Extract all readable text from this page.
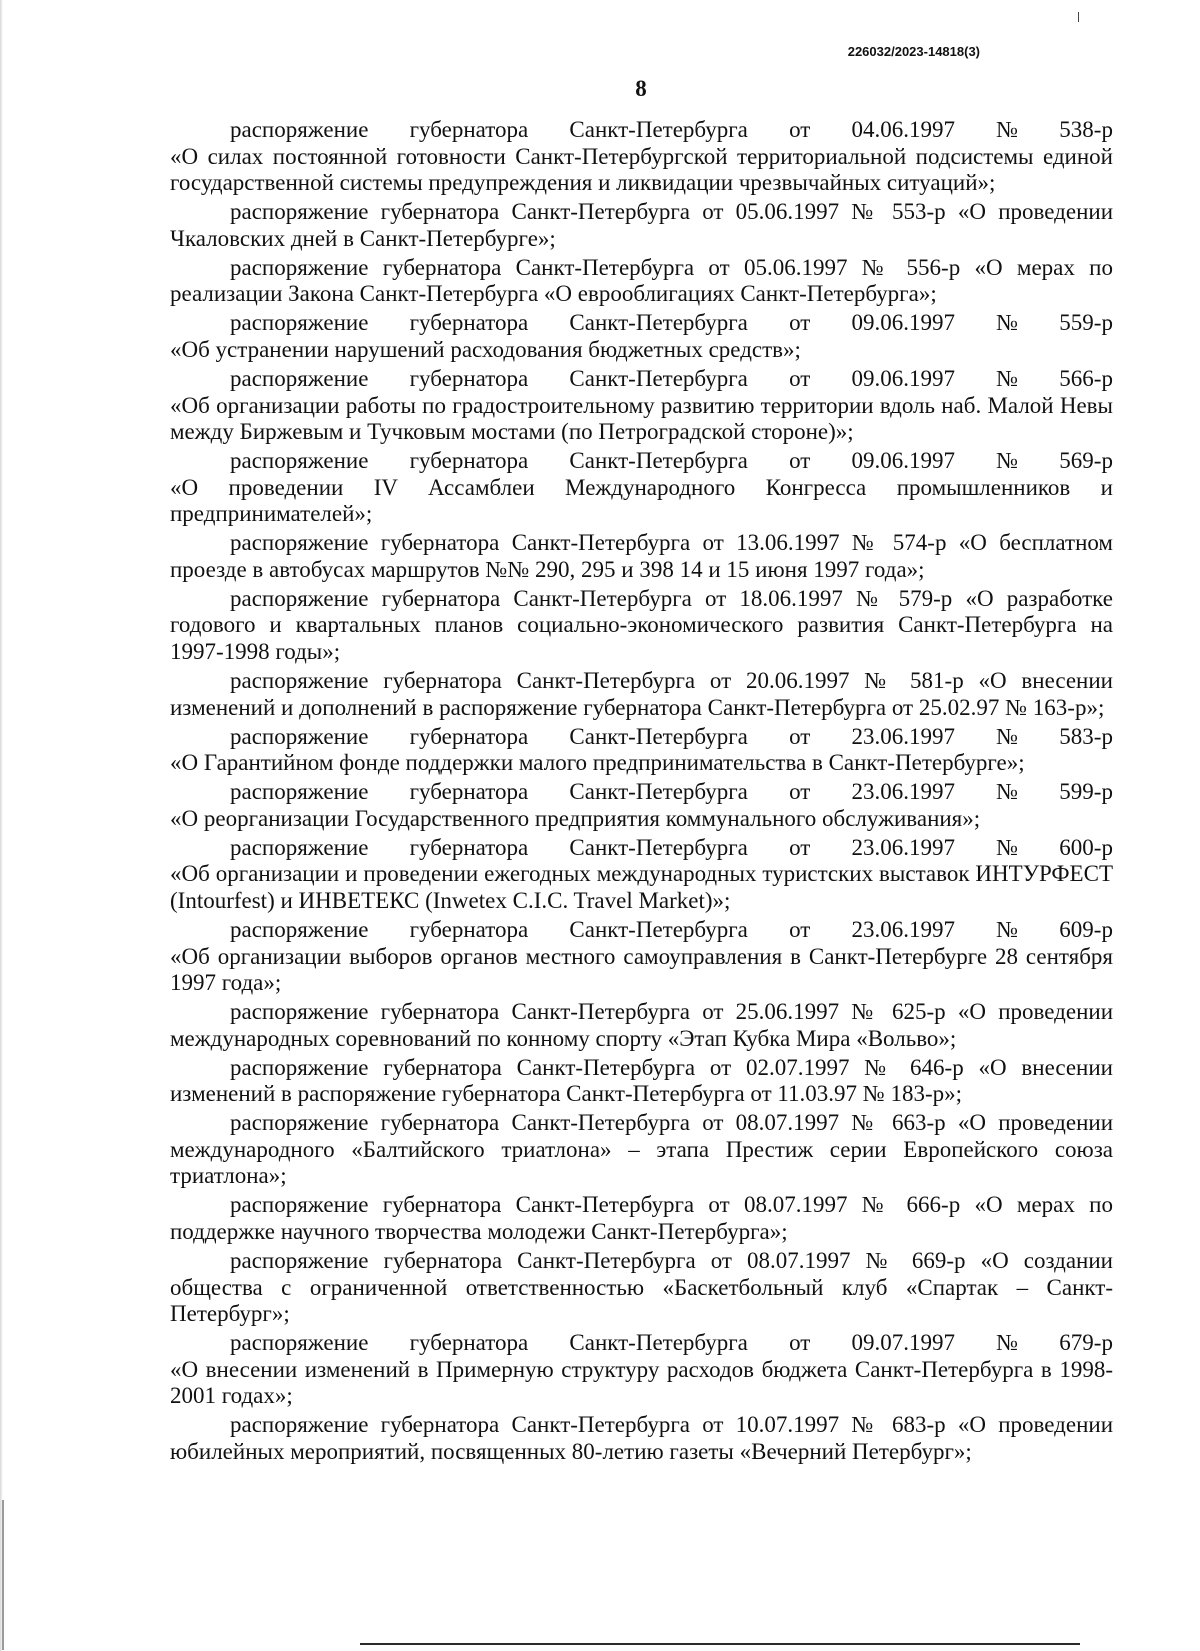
226032/2023-14818(3)
8
распоряжение губернатора Санкт-Петербурга от 04.06.1997 № 538-р

«О силах постоянной готовности Санкт-Петербургской территориальной подсистемы единой государственной системы предупреждения и ликвидации чрезвычайных ситуаций»;

распоряжение губернатора Санкт-Петербурга от 05.06.1997 № 553-р «О проведении Чкаловских дней в Санкт-Петербурге»;

распоряжение губернатора Санкт-Петербурга от 05.06.1997 № 556-р «О мерах по реализации Закона Санкт-Петербурга «О еврооблигациях Санкт-Петербурга»;

распоряжение губернатора Санкт-Петербурга от 09.06.1997 № 559-р

«Об устранении нарушений расходования бюджетных средств»;

распоряжение губернатора Санкт-Петербурга от 09.06.1997 № 566-р

«Об организации работы по градостроительному развитию территории вдоль наб. Малой Невы между Биржевым и Тучковым мостами (по Петроградской стороне)»;

распоряжение губернатора Санкт-Петербурга от 09.06.1997 № 569-р

«О проведении IV Ассамблеи Международного Конгресса промышленников и предпринимателей»;

распоряжение губернатора Санкт-Петербурга от 13.06.1997 № 574-р «О бесплатном проезде в автобусах маршрутов №№ 290, 295 и 398 14 и 15 июня 1997 года»;

распоряжение губернатора Санкт-Петербурга от 18.06.1997 № 579-р «О разработке годового и квартальных планов социально-экономического развития Санкт-Петербурга на 1997-1998 годы»;

распоряжение губернатора Санкт-Петербурга от 20.06.1997 № 581-р «О внесении изменений и дополнений в распоряжение губернатора Санкт-Петербурга от 25.02.97 № 163-р»;

распоряжение губернатора Санкт-Петербурга от 23.06.1997 № 583-р

«О Гарантийном фонде поддержки малого предпринимательства в Санкт-Петербурге»;

распоряжение губернатора Санкт-Петербурга от 23.06.1997 № 599-р

«О реорганизации Государственного предприятия коммунального обслуживания»;

распоряжение губернатора Санкт-Петербурга от 23.06.1997 № 600-р

«Об организации и проведении ежегодных международных туристских выставок ИНТУРФЕСТ (Intourfest) и ИНВЕТЕКС (Inwetex C.I.C. Travel Market)»;

распоряжение губернатора Санкт-Петербурга от 23.06.1997 № 609-р

«Об организации выборов органов местного самоуправления в Санкт-Петербурге 28 сентября 1997 года»;

распоряжение губернатора Санкт-Петербурга от 25.06.1997 № 625-р «О проведении международных соревнований по конному спорту «Этап Кубка Мира «Вольво»;

распоряжение губернатора Санкт-Петербурга от 02.07.1997 № 646-р «О внесении изменений в распоряжение губернатора Санкт-Петербурга от 11.03.97 № 183-р»;

распоряжение губернатора Санкт-Петербурга от 08.07.1997 № 663-р «О проведении международного «Балтийского триатлона» – этапа Престиж серии Европейского союза триатлона»;

распоряжение губернатора Санкт-Петербурга от 08.07.1997 № 666-р «О мерах по поддержке научного творчества молодежи Санкт-Петербурга»;

распоряжение губернатора Санкт-Петербурга от 08.07.1997 № 669-р «О создании общества с ограниченной ответственностью «Баскетбольный клуб «Спартак – Санкт-Петербург»;

распоряжение губернатора Санкт-Петербурга от 09.07.1997 № 679-р

«О внесении изменений в Примерную структуру расходов бюджета Санкт-Петербурга в 1998-2001 годах»;

распоряжение губернатора Санкт-Петербурга от 10.07.1997 № 683-р «О проведении юбилейных мероприятий, посвященных 80-летию газеты «Вечерний Петербург»;
